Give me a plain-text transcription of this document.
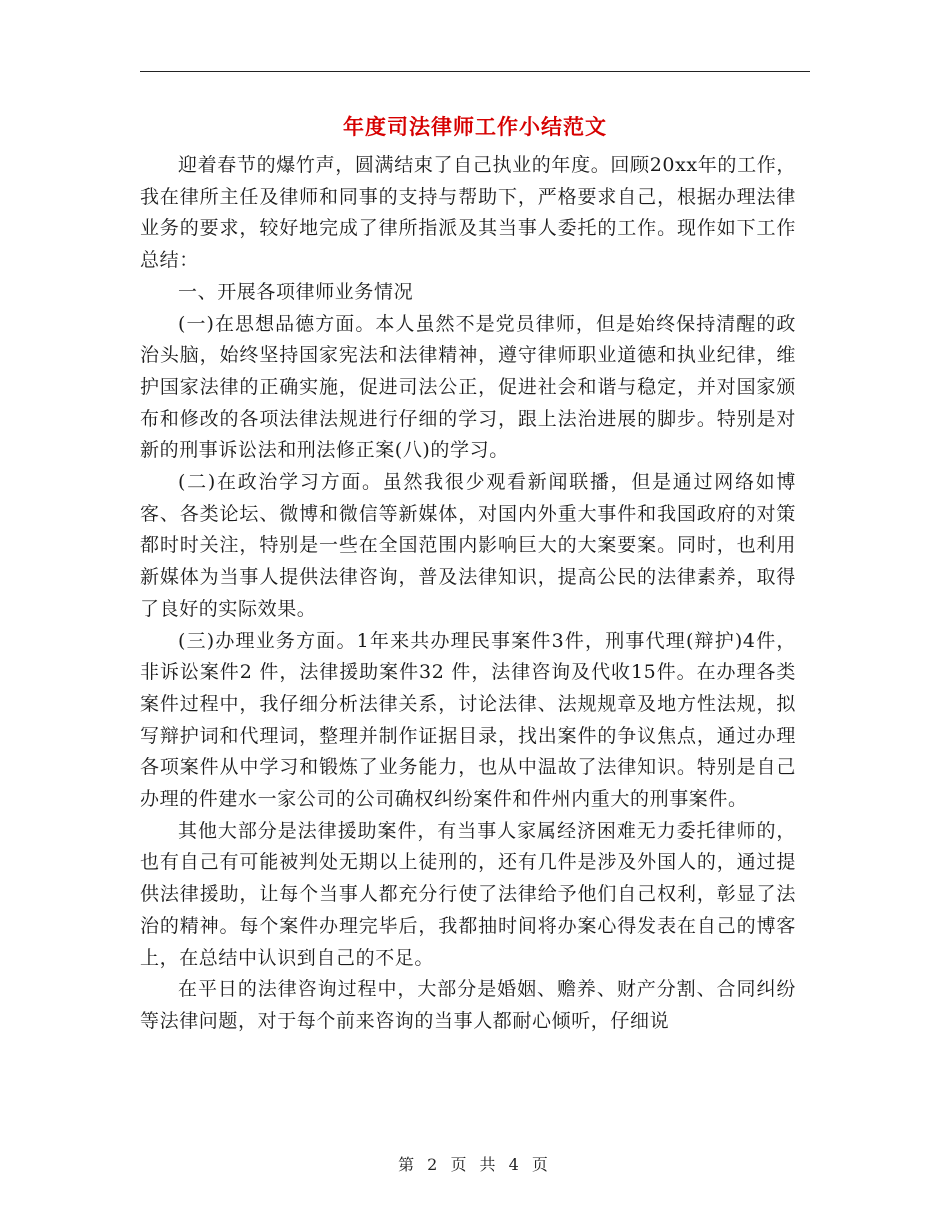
年度司法律师工作小结范文

迎着春节的爆竹声，圆满结束了自己执业的年度。回顾20xx年的工作，我在律所主任及律师和同事的支持与帮助下，严格要求自己，根据办理法律业务的要求，较好地完成了律所指派及其当事人委托的工作。现作如下工作总结：

一、开展各项律师业务情况

(一)在思想品德方面。本人虽然不是党员律师，但是始终保持清醒的政治头脑，始终坚持国家宪法和法律精神，遵守律师职业道德和执业纪律，维护国家法律的正确实施，促进司法公正，促进社会和谐与稳定，并对国家颁布和修改的各项法律法规进行仔细的学习，跟上法治进展的脚步。特别是对新的刑事诉讼法和刑法修正案(八)的学习。

(二)在政治学习方面。虽然我很少观看新闻联播，但是通过网络如博客、各类论坛、微博和微信等新媒体，对国内外重大事件和我国政府的对策都时时关注，特别是一些在全国范围内影响巨大的大案要案。同时，也利用新媒体为当事人提供法律咨询，普及法律知识，提高公民的法律素养，取得了良好的实际效果。

(三)办理业务方面。1年来共办理民事案件3件，刑事代理(辩护)4件，非诉讼案件2 件，法律援助案件32 件，法律咨询及代收15件。在办理各类案件过程中，我仔细分析法律关系，讨论法律、法规规章及地方性法规，拟写辩护词和代理词，整理并制作证据目录，找出案件的争议焦点，通过办理各项案件从中学习和锻炼了业务能力，也从中温故了法律知识。特别是自己办理的件建水一家公司的公司确权纠纷案件和件州内重大的刑事案件。

其他大部分是法律援助案件，有当事人家属经济困难无力委托律师的，也有自己有可能被判处无期以上徒刑的，还有几件是涉及外国人的，通过提供法律援助，让每个当事人都充分行使了法律给予他们自己权利，彰显了法治的精神。每个案件办理完毕后，我都抽时间将办案心得发表在自己的博客上，在总结中认识到自己的不足。

在平日的法律咨询过程中，大部分是婚姻、赡养、财产分割、合同纠纷等法律问题，对于每个前来咨询的当事人都耐心倾听，仔细说

第 2 页 共 4 页
